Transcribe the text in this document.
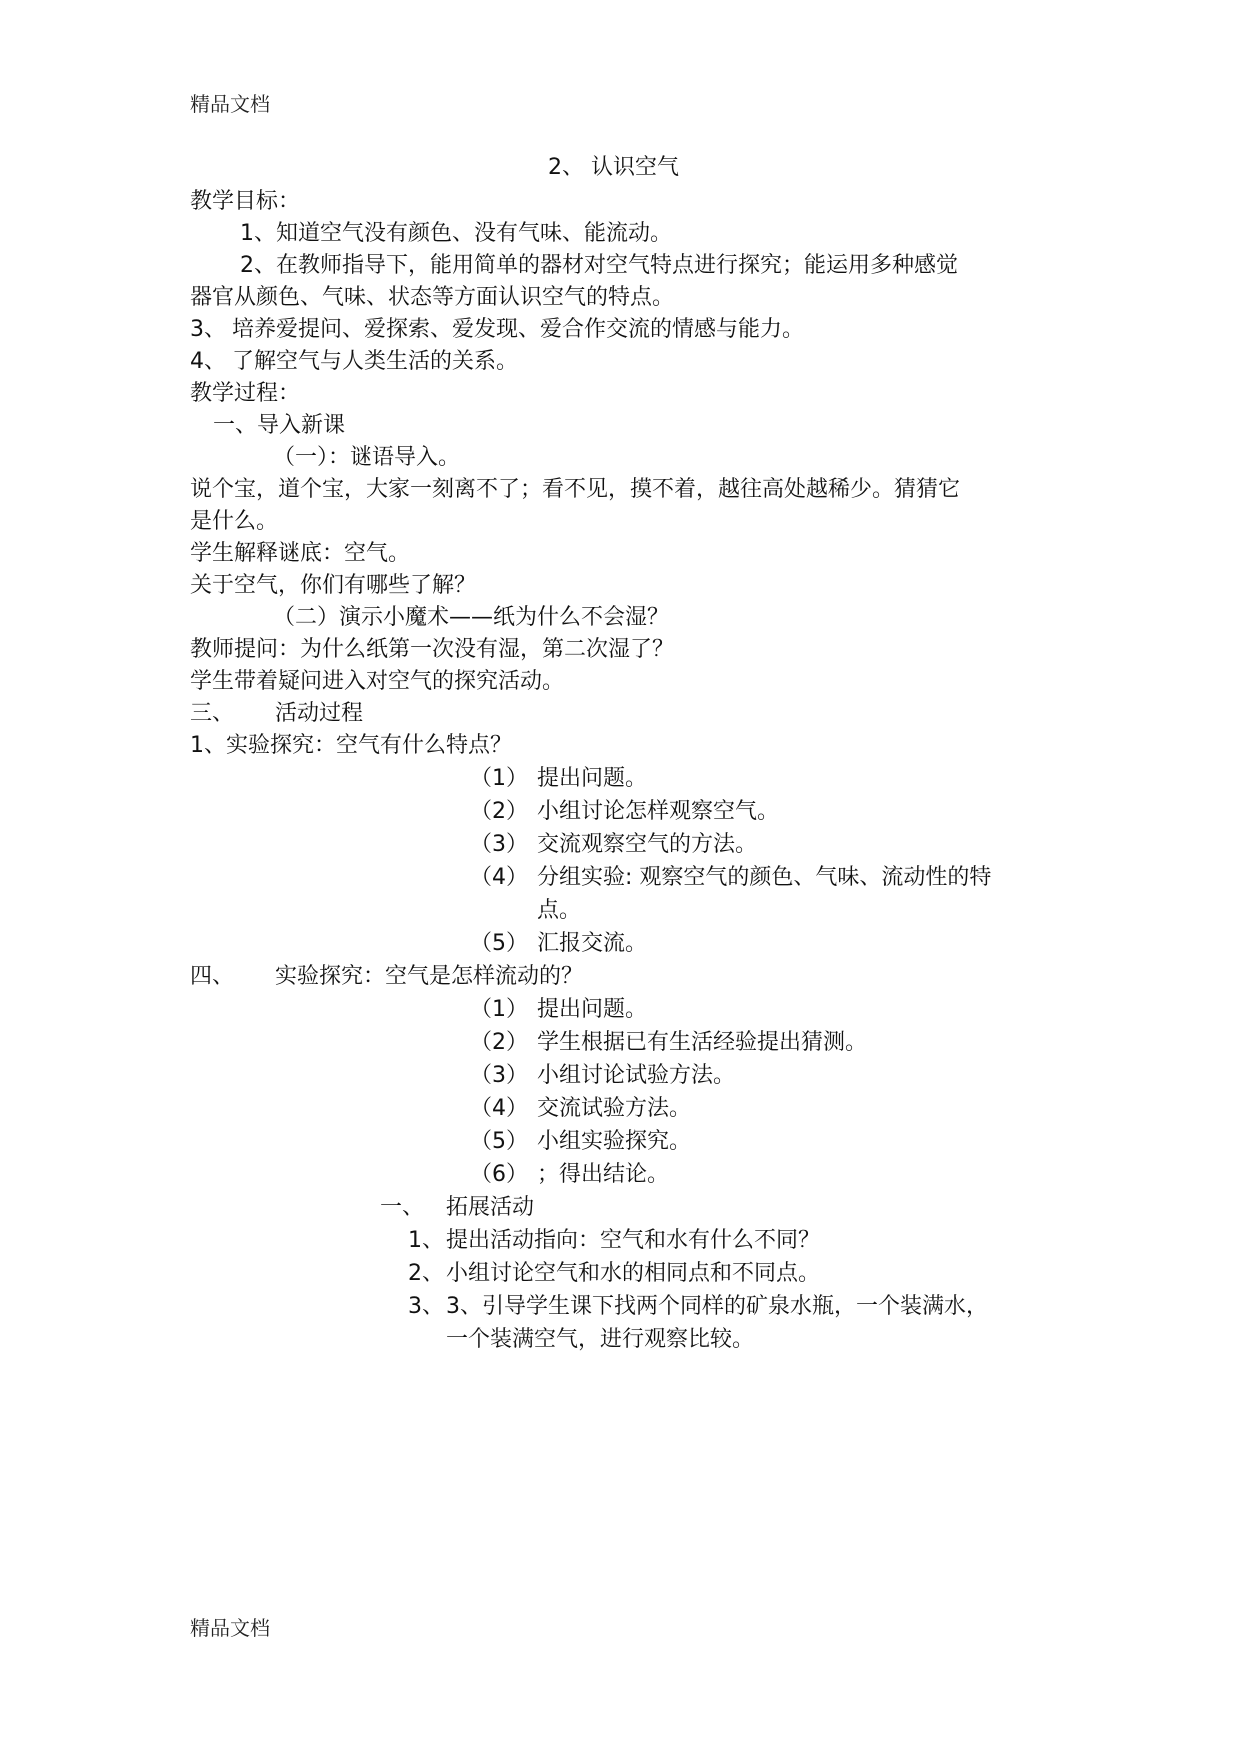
精品文档
2、 认识空气
教学目标：
1、知道空气没有颜色、没有气味、能流动。
2、在教师指导下，能用简单的器材对空气特点进行探究；能运用多种感觉
器官从颜色、气味、状态等方面认识空气的特点。
3、 培养爱提问、爱探索、爱发现、爱合作交流的情感与能力。
4、 了解空气与人类生活的关系。
教学过程：
一、导入新课
（一）：谜语导入。
说个宝，道个宝，大家一刻离不了；看不见，摸不着，越往高处越稀少。猜猜它
是什么。
学生解释谜底：空气。
关于空气，你们有哪些了解？
（二）演示小魔术——纸为什么不会湿？
教师提问：为什么纸第一次没有湿，第二次湿了？
学生带着疑问进入对空气的探究活动。
三、 活动过程
1、实验探究：空气有什么特点？
（1） 提出问题。
（2） 小组讨论怎样观察空气。
（3） 交流观察空气的方法。
（4） 分组实验: 观察空气的颜色、气味、流动性的特
点。
（5） 汇报交流。
四、 实验探究：空气是怎样流动的？
（1） 提出问题。
（2） 学生根据已有生活经验提出猜测。
（3） 小组讨论试验方法。
（4） 交流试验方法。
（5） 小组实验探究。
（6） ；得出结论。
一、 拓展活动
1、 提出活动指向：空气和水有什么不同？
2、 小组讨论空气和水的相同点和不同点。
3、 3、引导学生课下找两个同样的矿泉水瓶，一个装满水，
一个装满空气，进行观察比较。
精品文档
